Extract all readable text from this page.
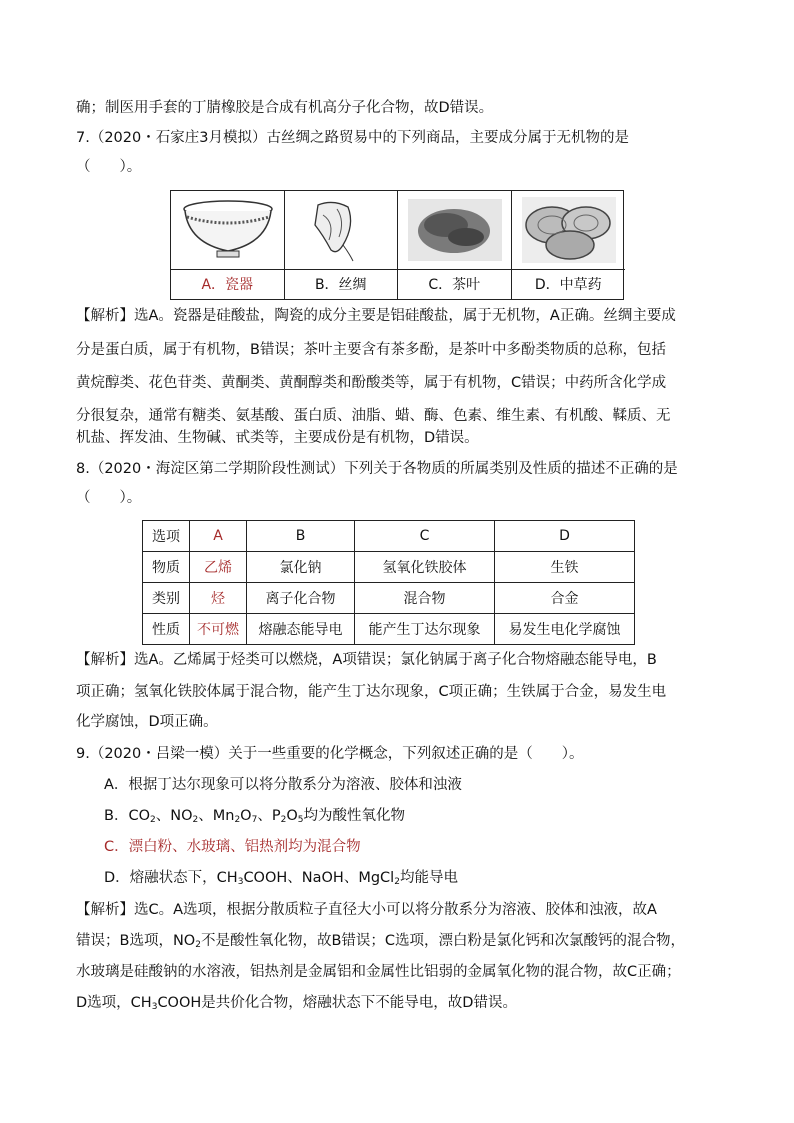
确；制医用手套的丁腈橡胶是合成有机高分子化合物，故D错误。
7.（2020・石家庄3月模拟）古丝绸之路贸易中的下列商品，主要成分属于无机物的是
（　　）。
A．瓷器	B．丝绸	C．茶叶	D．中草药
【解析】选A。瓷器是硅酸盐，陶瓷的成分主要是铝硅酸盐，属于无机物，A正确。丝绸主要成
分是蛋白质，属于有机物，B错误；茶叶主要含有茶多酚，是茶叶中多酚类物质的总称，包括
黄烷醇类、花色苷类、黄酮类、黄酮醇类和酚酸类等，属于有机物，C错误；中药所含化学成
分很复杂，通常有糖类、氨基酸、蛋白质、油脂、蜡、酶、色素、维生素、有机酸、鞣质、无
机盐、挥发油、生物碱、甙类等，主要成份是有机物，D错误。
8.（2020・海淀区第二学期阶段性测试）下列关于各物质的所属类别及性质的描述不正确的是
（　　）。
选项	A	B	C	D
物质	乙烯	氯化钠	氢氧化铁胶体	生铁
类别	烃	离子化合物	混合物	合金
性质	不可燃	熔融态能导电	能产生丁达尔现象	易发生电化学腐蚀
【解析】选A。乙烯属于烃类可以燃烧，A项错误；氯化钠属于离子化合物熔融态能导电，B
项正确；氢氧化铁胶体属于混合物，能产生丁达尔现象，C项正确；生铁属于合金，易发生电
化学腐蚀，D项正确。
9.（2020・吕梁一模）关于一些重要的化学概念，下列叙述正确的是（　　）。
A．根据丁达尔现象可以将分散系分为溶液、胶体和浊液
B．$CO_2$、$NO_2$、$Mn_2O_7$、$P_2O_5$均为酸性氧化物
C．漂白粉、水玻璃、铝热剂均为混合物
D．熔融状态下，$CH_3COOH$、NaOH、MgCl$_2$均能导电
【解析】选C。A选项，根据分散质粒子直径大小可以将分散系分为溶液、胶体和浊液，故A
错误；B选项，$NO_2$不是酸性氧化物，故B错误；C选项，漂白粉是氯化钙和次氯酸钙的混合物，
水玻璃是硅酸钠的水溶液，铝热剂是金属铝和金属性比铝弱的金属氧化物的混合物，故C正确；
D选项，$CH_3COOH$是共价化合物，熔融状态下不能导电，故D错误。
